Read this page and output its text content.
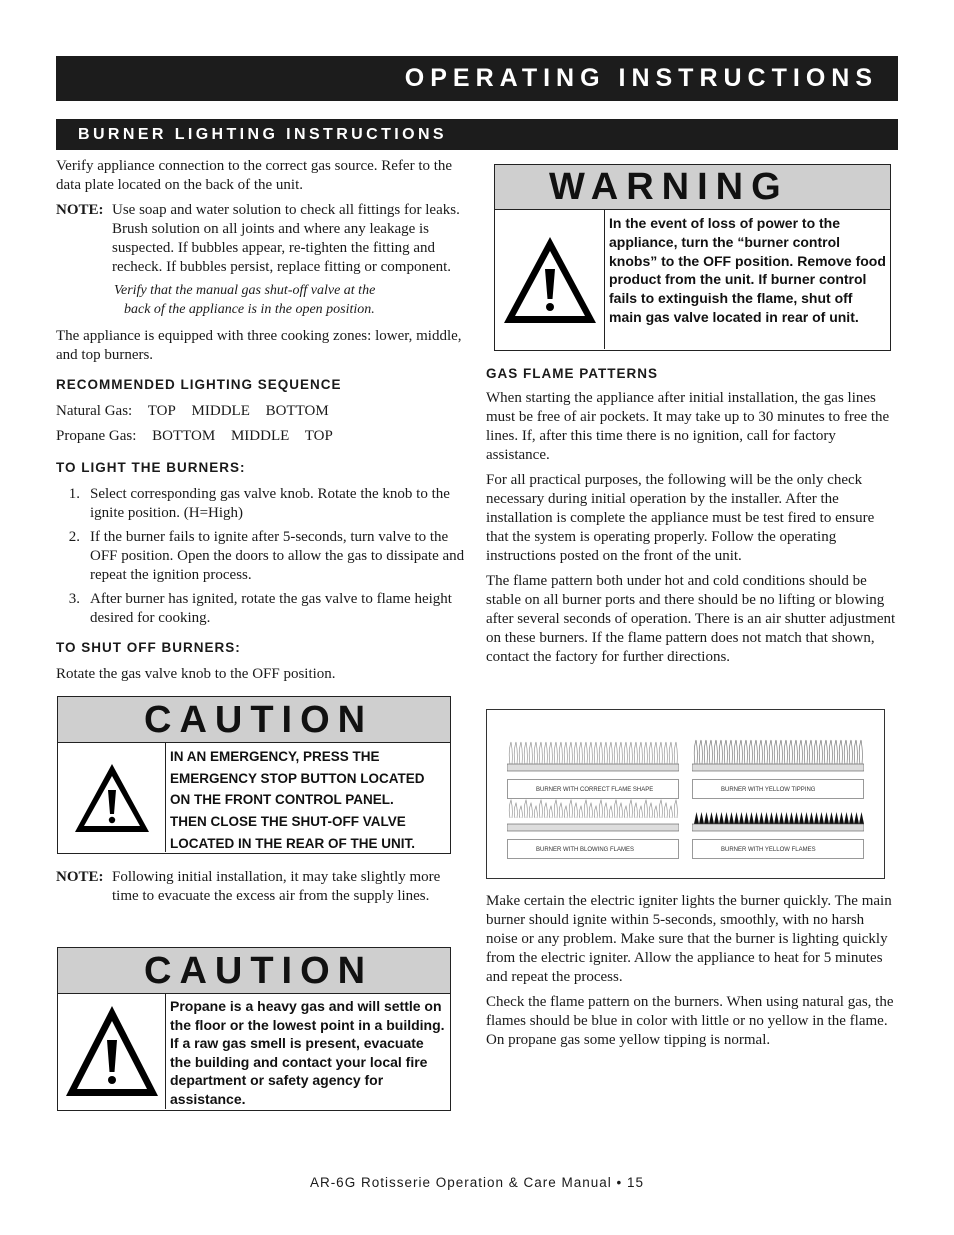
OPERATING INSTRUCTIONS
BURNER LIGHTING INSTRUCTIONS

Verify appliance connection to the correct gas source. Refer to the data plate located on the back of the unit.

NOTE: Use soap and water solution to check all fittings for leaks. Brush solution on all joints and where any leakage is suspected. If bubbles appear, re-tighten the fitting and recheck. If bubbles persist, replace fitting or component.
Verify that the manual gas shut-off valve at the
back of the appliance is in the open position.

The appliance is equipped with three cooking zones: lower, middle, and top burners.

RECOMMENDED LIGHTING SEQUENCE
Natural Gas: TOP MIDDLE BOTTOM
Propane Gas: BOTTOM MIDDLE TOP
TO LIGHT THE BURNERS:
1. Select corresponding gas valve knob. Rotate the knob to the ignite position. (H=High)
2. If the burner fails to ignite after 5-seconds, turn valve to the OFF position. Open the doors to allow the gas to dissipate and repeat the ignition process.
3. After burner has ignited, rotate the gas valve to flame height desired for cooking.
TO SHUT OFF BURNERS:

Rotate the gas valve knob to the OFF position.

CAUTION
IN AN EMERGENCY, PRESS THE
EMERGENCY STOP BUTTON LOCATED
ON THE FRONT CONTROL PANEL.
THEN CLOSE THE SHUT-OFF VALVE
LOCATED IN THE REAR OF THE UNIT.
NOTE: Following initial installation, it may take slightly more time to evacuate the excess air from the supply lines.
CAUTION
Propane is a heavy gas and will settle on the floor or the lowest point in a building. If a raw gas smell is present, evacuate the building and contact your local fire department or safety agency for assistance.
WARNING
In the event of loss of power to the appliance, turn the “burner control knobs” to the OFF position. Remove food product from the unit. If burner control fails to extinguish the flame, shut off main gas valve located in rear of unit.
GAS FLAME PATTERNS

When starting the appliance after initial installation, the gas lines must be free of air pockets. It may take up to 30 minutes to free the lines. If, after this time there is no ignition, call for factory assistance.

For all practical purposes, the following will be the only check necessary during initial operation by the installer. After the installation is complete the appliance must be test fired to ensure that the system is operating properly. Follow the operating instructions posted on the front of the unit.

The flame pattern both under hot and cold conditions should be stable on all burner ports and there should be no lifting or blowing after several seconds of operation. There is an air shutter adjustment on these burners. If the flame pattern does not match that shown, contact the factory for further directions.

BURNER WITH CORRECT FLAME SHAPE	BURNER WITH YELLOW TIPPING
BURNER WITH BLOWING FLAMES	BURNER WITH YELLOW FLAMES

Make certain the electric igniter lights the burner quickly. The main burner should ignite within 5-seconds, smoothly, with no harsh noise or any problem. Make sure that the burner is lighting quickly from the electric igniter. Allow the appliance to heat for 5 minutes and repeat the process.

Check the flame pattern on the burners. When using natural gas, the flames should be blue in color with little or no yellow in the flame. On propane gas some yellow tipping is normal.

AR-6G Rotisserie Operation & Care Manual • 15
